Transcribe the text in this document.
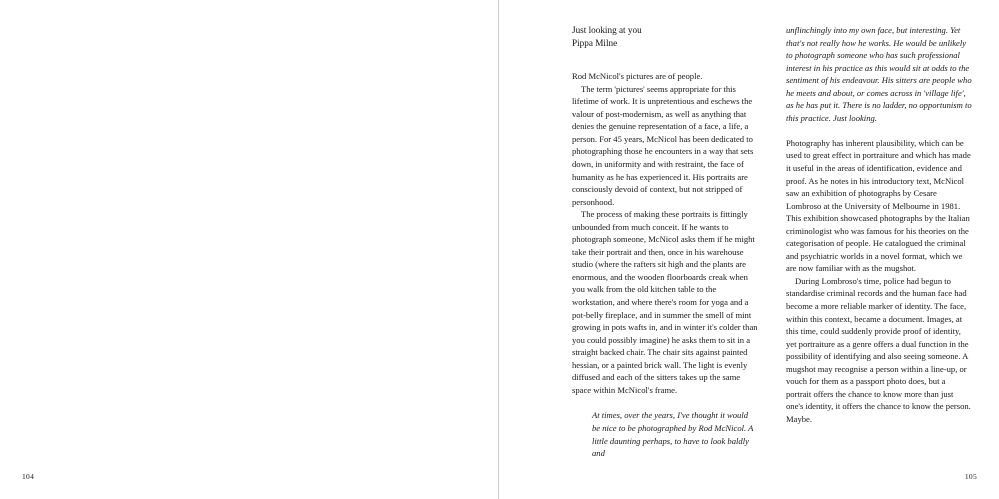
104
Just looking at you
Pippa Milne

Rod McNicol's pictures are of people.

The term 'pictures' seems appropriate for this lifetime of work. It is unpretentious and eschews the valour of post-modernism, as well as anything that denies the genuine representation of a face, a life, a person. For 45 years, McNicol has been dedicated to photographing those he encounters in a way that sets down, in uniformity and with restraint, the face of humanity as he has experienced it. His portraits are consciously devoid of context, but not stripped of personhood.

The process of making these portraits is fittingly unbounded from much conceit. If he wants to photograph someone, McNicol asks them if he might take their portrait and then, once in his warehouse studio (where the rafters sit high and the plants are enormous, and the wooden floorboards creak when you walk from the old kitchen table to the workstation, and where there's room for yoga and a pot-belly fireplace, and in summer the smell of mint growing in pots wafts in, and in winter it's colder than you could possibly imagine) he asks them to sit in a straight backed chair. The chair sits against painted hessian, or a painted brick wall. The light is evenly diffused and each of the sitters takes up the same space within McNicol's frame.

At times, over the years, I've thought it would be nice to be photographed by Rod McNicol. A little daunting perhaps, to have to look baldly and

unflinchingly into my own face, but interesting. Yet that's not really how he works. He would be unlikely to photograph someone who has such professional interest in his practice as this would sit at odds to the sentiment of his endeavour. His sitters are people who he meets and about, or comes across in 'village life', as he has put it. There is no ladder, no opportunism to this practice. Just looking.

Photography has inherent plausibility, which can be used to great effect in portraiture and which has made it useful in the areas of identification, evidence and proof. As he notes in his introductory text, McNicol saw an exhibition of photographs by Cesare Lombroso at the University of Melbourne in 1981. This exhibition showcased photographs by the Italian criminologist who was famous for his theories on the categorisation of people. He catalogued the criminal and psychiatric worlds in a novel format, which we are now familiar with as the mugshot.

During Lombroso's time, police had begun to standardise criminal records and the human face had become a more reliable marker of identity. The face, within this context, became a document. Images, at this time, could suddenly provide proof of identity, yet portraiture as a genre offers a dual function in the possibility of identifying and also seeing someone. A mugshot may recognise a person within a line-up, or vouch for them as a passport photo does, but a portrait offers the chance to know more than just one's identity, it offers the chance to know the person. Maybe.

105
